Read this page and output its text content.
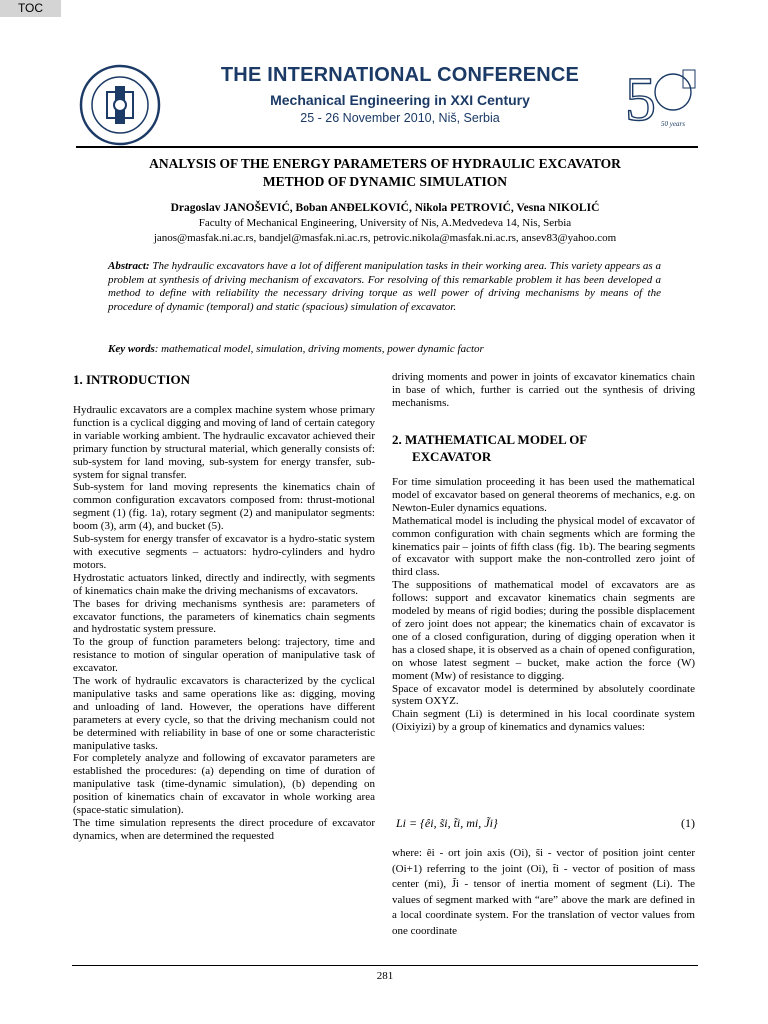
TOC
THE INTERNATIONAL CONFERENCE
Mechanical Engineering in XXI Century
25 - 26 November 2010, Niš, Serbia	5 50 years
ANALYSIS OF THE ENERGY PARAMETERS OF HYDRAULIC EXCAVATOR
METHOD OF DYNAMIC SIMULATION
Dragoslav JANOŠEVIĆ, Boban ANĐELKOVIĆ, Nikola PETROVIĆ, Vesna NIKOLIĆ
Faculty of Mechanical Engineering, University of Nis, A.Medvedeva 14, Nis, Serbia
janos@masfak.ni.ac.rs, bandjel@masfak.ni.ac.rs, petrovic.nikola@masfak.ni.ac.rs, ansev83@yahoo.com
Abstract: The hydraulic excavators have a lot of different manipulation tasks in their working area. This variety appears as a problem at synthesis of driving mechanism of excavators. For resolving of this remarkable problem it has been developed a method to define with reliability the necessary driving torque as well power of driving mechanisms by means of the procedure of dynamic (temporal) and static (spacious) simulation of excavator.
Key words: mathematical model, simulation, driving moments, power dynamic factor
1. INTRODUCTION

Hydraulic excavators are a complex machine system whose primary function is a cyclical digging and moving of land of certain category in variable working ambient. The hydraulic excavator achieved their primary function by structural material, which generally consists of: sub-system for land moving, sub-system for energy transfer, sub-system for signal transfer.

Sub-system for land moving represents the kinematics chain of common configuration excavators composed from: thrust-motional segment (1) (fig. 1a), rotary segment (2) and manipulator segments: boom (3), arm (4), and bucket (5).

Sub-system for energy transfer of excavator is a hydro-static system with executive segments – actuators: hydro-cylinders and hydro motors.

Hydrostatic actuators linked, directly and indirectly, with segments of kinematics chain make the driving mechanisms of excavators.

The bases for driving mechanisms synthesis are: parameters of excavator functions, the parameters of kinematics chain segments and hydrostatic system pressure.

To the group of function parameters belong: trajectory, time and resistance to motion of singular operation of manipulative task of excavator.

The work of hydraulic excavators is characterized by the cyclical manipulative tasks and same operations like as: digging, moving and unloading of land. However, the operations have different parameters at every cycle, so that the driving mechanism could not be determined with reliability in base of one or some characteristic manipulative tasks.

For completely analyze and following of excavator parameters are established the procedures: (a) depending on time of duration of manipulative task (time-dynamic simulation), (b) depending on position of kinematics chain of excavator in whole working area (space-static simulation).

The time simulation represents the direct procedure of excavator dynamics, when are determined the requested

driving moments and power in joints of excavator kinematics chain in base of which, further is carried out the synthesis of driving mechanisms.

2. MATHEMATICAL MODEL OF
EXCAVATOR

For time simulation proceeding it has been used the mathematical model of excavator based on general theorems of mechanics, e.g. on Newton-Euler dynamics equations.

Mathematical model is including the physical model of excavator of common configuration with chain segments which are forming the kinematics pair – joints of fifth class (fig. 1b). The bearing segments of excavator with support make the non-controlled zero joint of third class.

The suppositions of mathematical model of excavators are as follows: support and excavator kinematics chain segments are modeled by means of rigid bodies; during the possible displacement of zero joint does not appear; the kinematics chain of excavator is one of a closed configuration, during of digging operation when it has a closed shape, it is observed as a chain of opened configuration, on whose latest segment – bucket, make action the force (W) moment (Mw) of resistance to digging.

Space of excavator model is determined by absolutely coordinate system OXYZ.

Chain segment (Li) is determined in his local coordinate system (Oixiyizi) by a group of kinematics and dynamics values:

Li = {êi, s̃i, t̃i, mi, J̃i}	(1)
where: êi - ort join axis (Oi), s̃i - vector of position joint center (Oi+1) referring to the joint (Oi), t̃i - vector of position of mass center (mi), J̃i - tensor of inertia moment of segment (Li). The values of segment marked with “are” above the mark are defined in a local coordinate system. For the translation of vector values from one coordinate
281
